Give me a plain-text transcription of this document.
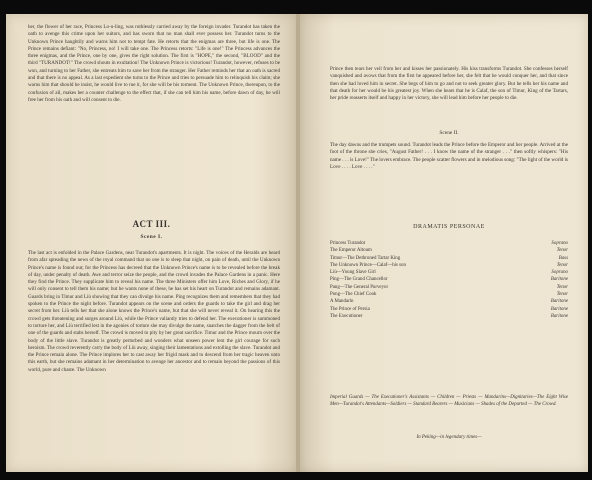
her, the flower of her race, Princess Lo-u-ling, was ruthlessly carried away by the foreign invader. Turandot has taken the oath to avenge this crime upon her suitors, and has sworn that no man shall ever possess her. Turandot turns to the Unknown Prince haughtily and warns him not to tempt fate. He retorts that the enigmas are three, but life is one. The Prince remains defiant: "No, Princess, no! I will take one. The Princess retorts: "Life is one!" The Princess advances the three enigmas, and the Prince, one by one, gives the right solution. The first is "HOPE," the second, "BLOOD" and the third "TURANDOT!" The crowd shouts in exultation! The Unknown Prince is victorious! Turandot, however, refuses to be won, and turning to her Father, she entreats him to save her from the stranger. Her Father reminds her that an oath is sacred and that there is no appeal. As a last expedient she turns to the Prince and tries to persuade him to relinquish his claim; she warns him that should he insist, he would live to rue it, for she will be his torment. The Unknown Prince, thereupon, to the confusion of all, makes her a counter challenge to the effect that, if she can tell him his name, before dawn of day, he will free her from his oath and will consent to die.

ACT III.

Scene I.

The last act is enfolded in the Palace Gardens, near Turandot's apartments. It is night. The voices of the Heralds are heard from afar spreading the news of the royal command that no one is to sleep that night, on pain of death, until the Unknown Prince's name is found out; for the Princess has decreed that the Unknown Prince's name is to be revealed before the break of day, under penalty of death. Awe and terror seize the people, and the crowd invades the Palace Gardens in a panic. Here they find the Prince. They supplicate him to reveal his name. The three Ministers offer him Love, Riches and Glory, if he will only consent to tell them his name; but he wants none of these, he has set his heart on Turandot and remains adamant. Guards bring in Timur and Liù showing that they can divulge his name. Ping recognizes them and remembers that they had spoken to the Prince the night before. Turandot appears on the scene and orders the guards to take the girl and drag her secret from her. Liù tells her that she alone knows the Prince's name, but that she will never reveal it. On hearing this the crowd gets threatening and surges around Liù, while the Prince valiantly tries to defend her. The executioner is summoned to torture her, and Liù terrified lest in the agonies of torture she may divulge the name, snatches the dagger from the belt of one of the guards and stabs herself. The crowd is moved to pity by her great sacrifice. Timur and the Prince mourn over the body of the little slave. Turandot is greatly perturbed and wonders what unseen power lent the girl courage for such heroism. The crowd reverently carry the body of Liù away, singing their lamentations and extolling the slave. Turandot and the Prince remain alone. The Prince implores her to cast away her frigid mask and to descend from her tragic heaven unto this earth, but she remains adamant in her determination to avenge her ancestor and to remain beyond the passions of this world, pure and chaste. The Unknown

Prince then tears her veil from her and kisses her passionately. His kiss transforms Turandot. She confesses herself vanquished and avows that from the first he appeared before her, she felt that he would conquer her, and that since then she had loved him in secret. She begs of him to go and not to seek greater glory. But he tells her his name and that death for her would be his greatest joy. When she hears that he is Calaf, the son of Timur, King of the Tartars, her pride reasserts itself and happy in her victory, she will lead him before her people to die.

Scene II.

The day dawns and the trumpets sound. Turandot leads the Prince before the Emperor and her people. Arrived at the foot of the throne she cries, "August Father! . . . I know the name of the stranger . . ." then softly whispers: "His name . . . is Love!" The lovers embrace. The people scatter flowers and in melodious song: "The light of the world is Love . . . . Love . . . ."

DRAMATIS PERSONAE
Princess Turandot	Soprano
The Emperor Altoum	Tenor
Timur—The Dethroned Tartar King	Bass
The Unknown Prince—Calaf—his son	Tenor
Liù—Young Slave Girl	Soprano
Ping—The Grand Chancellor	Baritone
Pang—The General Purveyor	Tenor
Pong—The Chief Cook	Tenor
A Mandarin	Baritone
The Prince of Persia	Baritone
The Executioner	Baritone
Imperial Guards — The Executioner's Assistants — Children — Priests — Mandarins—Dignitaries—The Eight Wise Men—Turandot's Attendants—Soldiers — Standard Bearers — Musicians — Shades of the Departed — The Crowd.
In Peking—in legendary times—
